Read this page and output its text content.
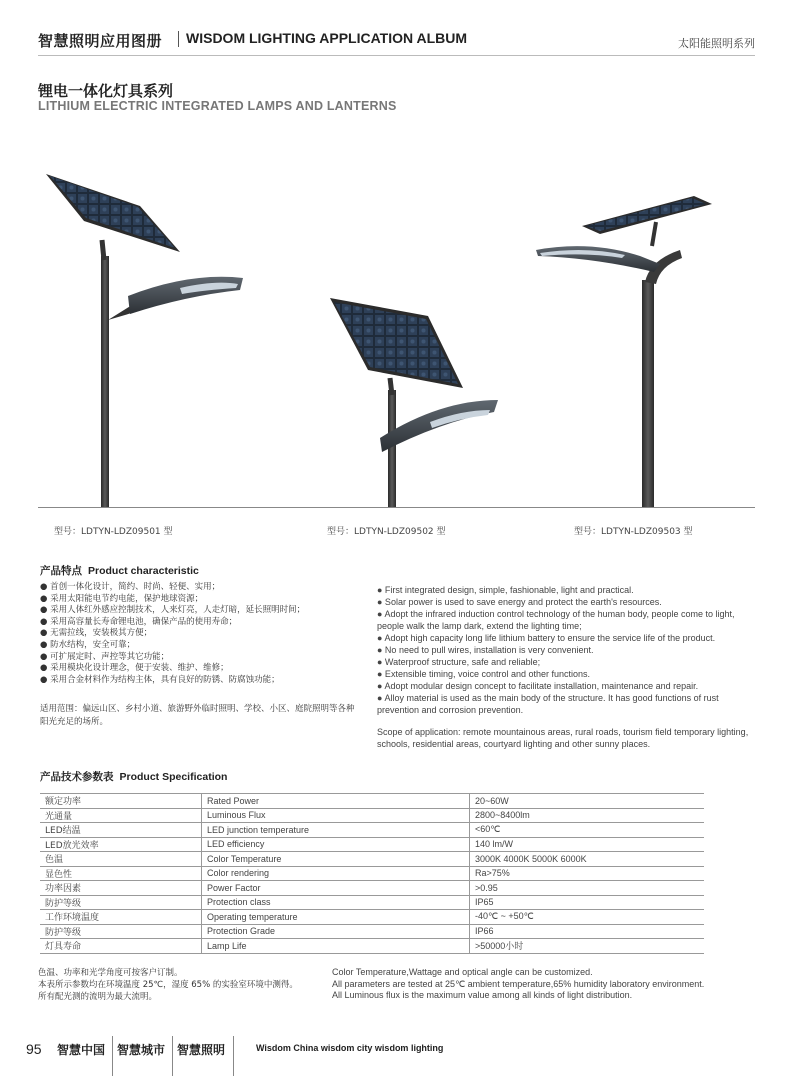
智慧照明应用图册 WISDOM LIGHTING APPLICATION ALBUM	太阳能照明系列
锂电一体化灯具系列
LITHIUM ELECTRIC INTEGRATED LAMPS AND LANTERNS
型号：LDTYN-LDZ09501 型	型号：LDTYN-LDZ09502 型	型号：LDTYN-LDZ09503 型
产品特点 Product characteristic
● 首创一体化设计，简约、时尚、轻便、实用；
● 采用太阳能电节约电能，保护地球资源；
● 采用人体红外感应控制技术，人来灯亮，人走灯暗，延长照明时间；
● 采用高容量长寿命锂电池，确保产品的使用寿命；
● 无需拉线，安装极其方便；
● 防水结构，安全可靠；
● 可扩展定时、声控等其它功能；
● 采用模块化设计理念，便于安装、维护、维修；
● 采用合金材料作为结构主体，具有良好的防锈、防腐蚀功能；
适用范围：偏远山区、乡村小道、旅游野外临时照明、学校、小区、庭院照明等各种阳光充足的场所。
● First integrated design, simple, fashionable, light and practical.
● Solar power is used to save energy and protect the earth's resources.
● Adopt the infrared induction control technology of the human body, people come to light, people walk the lamp dark, extend the lighting time;
● Adopt high capacity long life lithium battery to ensure the service life of the product.
● No need to pull wires, installation is very convenient.
● Waterproof structure, safe and reliable;
● Extensible timing, voice control and other functions.
● Adopt modular design concept to facilitate installation, maintenance and repair.
● Alloy material is used as the main body of the structure. It has good functions of rust prevention and corrosion prevention.
Scope of application: remote mountainous areas, rural roads, tourism field temporary lighting, schools, residential areas, courtyard lighting and other sunny places.
产品技术参数表 Product Specification
额定功率	Rated Power	20~60W
光通量	Luminous Flux	2800~8400lm
LED结温	LED junction temperature	<60℃
LED放光效率	LED efficiency	140 lm/W
色温	Color Temperature	3000K 4000K 5000K 6000K
显色性	Color rendering	Ra>75%
功率因素	Power Factor	>0.95
防护等级	Protection class	IP65
工作环境温度	Operating temperature	-40℃ ~ +50℃
防护等级	Protection Grade	IP66
灯具寿命	Lamp Life	>50000小时
色温、功率和光学角度可按客户订制。
本表所示参数均在环境温度 25℃，湿度 65% 的实验室环境中测得。
所有配光测的流明为最大流明。
Color Temperature,Wattage and optical angle can be customized.
All parameters are tested at 25℃ ambient temperature,65% humidity laboratory environment.
All Luminous flux is the maximum value among all kinds of light distribution.
95 智慧中国 智慧城市 智慧照明	Wisdom China wisdom city wisdom lighting
